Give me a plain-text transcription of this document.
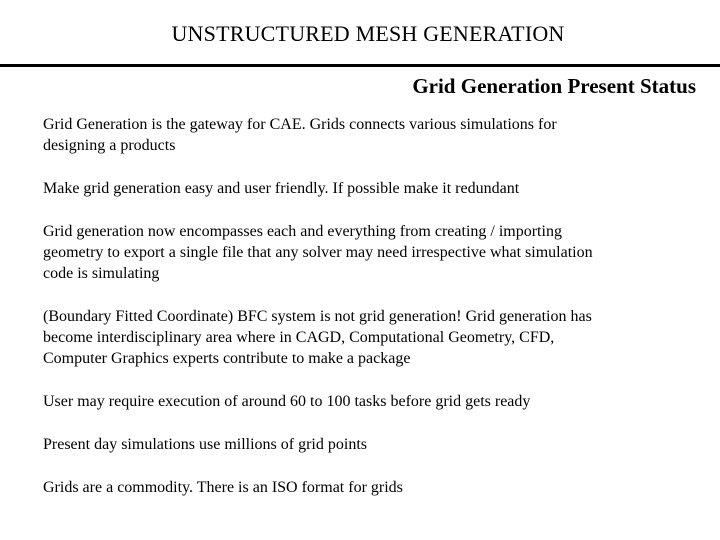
UNSTRUCTURED MESH GENERATION
Grid Generation Present Status

Grid Generation is the gateway for CAE. Grids connects various simulations for
designing a products

Make grid generation easy and user friendly. If possible make it redundant

Grid generation now encompasses each and everything from creating / importing
geometry to export a single file that any solver may need irrespective what simulation
code is simulating

(Boundary Fitted Coordinate) BFC system is not grid generation! Grid generation has
become interdisciplinary area where in CAGD, Computational Geometry, CFD,
Computer Graphics experts contribute to make a package

User may require execution of around 60 to 100 tasks before grid gets ready

Present day simulations use millions of grid points

Grids are a commodity. There is an ISO format for grids
